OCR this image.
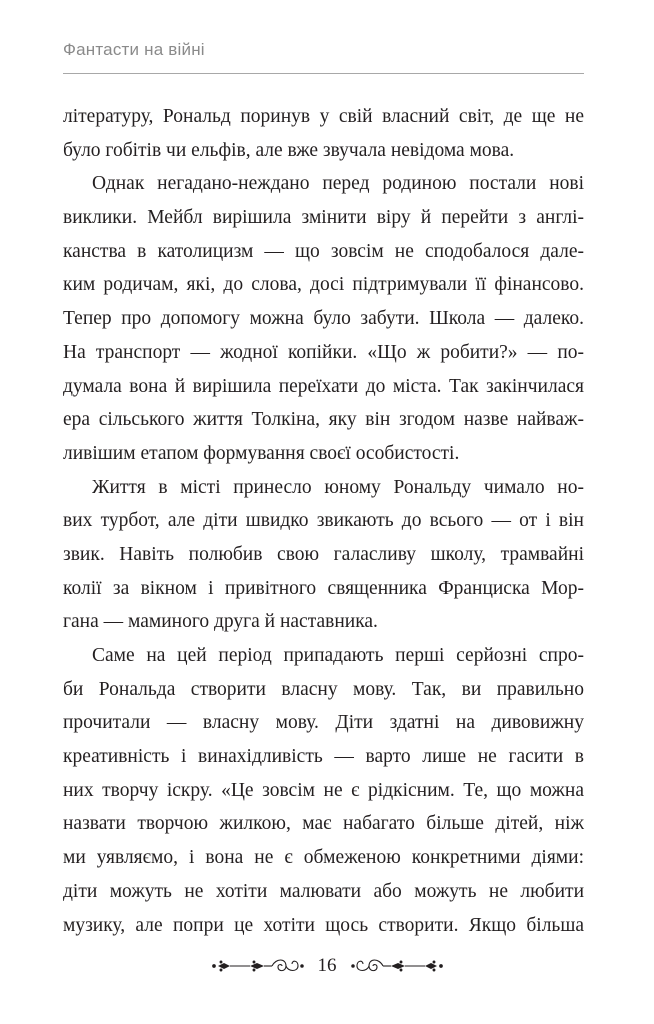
Фантасти на війні
літературу, Рональд поринув у свій власний світ, де ще не
було гобітів чи ельфів, але вже звучала невідома мова.
Однак негадано-неждано перед родиною постали нові
виклики. Мейбл вирішила змінити віру й перейти з англі-
канства в католицизм — що зовсім не сподобалося дале-
ким родичам, які, до слова, досі підтримували її фінансово.
Тепер про допомогу можна було забути. Школа — далеко.
На транспорт — жодної копійки. «Що ж робити?» — по-
думала вона й вирішила переїхати до міста. Так закінчилася
ера сільського життя Толкіна, яку він згодом назве найваж-
ливішим етапом формування своєї особистості.
Життя в місті принесло юному Рональду чимало но-
вих турбот, але діти швидко звикають до всього — от і він
звик. Навіть полюбив свою галасливу школу, трамвайні
колії за вікном і привітного священника Франциска Мор-
гана — маминого друга й наставника.
Саме на цей період припадають перші серйозні спро-
би Рональда створити власну мову. Так, ви правильно
прочитали — власну мову. Діти здатні на дивовижну
креативність і винахідливість — варто лише не гасити в
них творчу іскру. «Це зовсім не є рідкісним. Те, що можна
назвати творчою жилкою, має набагато більше дітей, ніж
ми уявляємо, і вона не є обмеженою конкретними діями:
діти можуть не хотіти малювати або можуть не любити
музику, але попри це хотіти щось створити. Якщо більша
16
